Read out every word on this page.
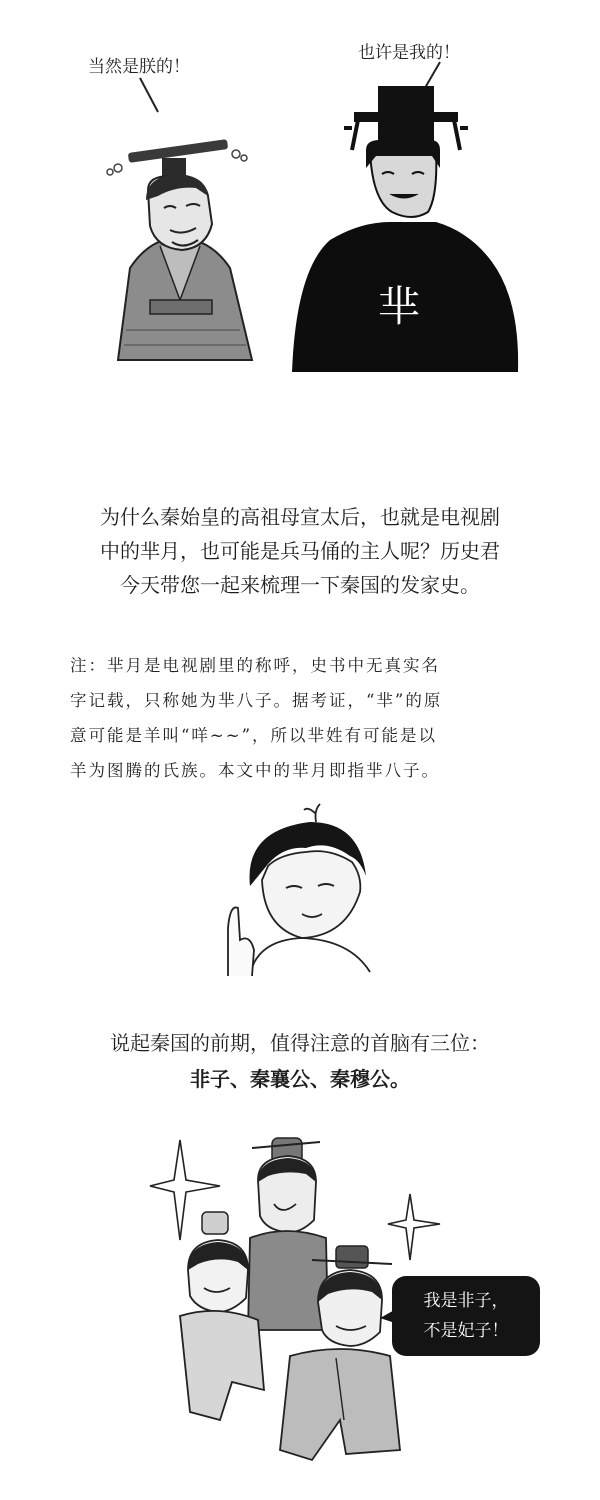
当然是朕的！
也许是我的！
芈
为什么秦始皇的高祖母宣太后，也就是电视剧
中的芈月，也可能是兵马俑的主人呢？历史君
今天带您一起来梳理一下秦国的发家史。
注：芈月是电视剧里的称呼，史书中无真实名
字记载，只称她为芈八子。据考证，“芈”的原
意可能是羊叫“咩~~”，所以芈姓有可能是以
羊为图腾的氏族。本文中的芈月即指芈八子。
说起秦国的前期，值得注意的首脑有三位：
非子、秦襄公、秦穆公。
我是非子，
不是妃子！
